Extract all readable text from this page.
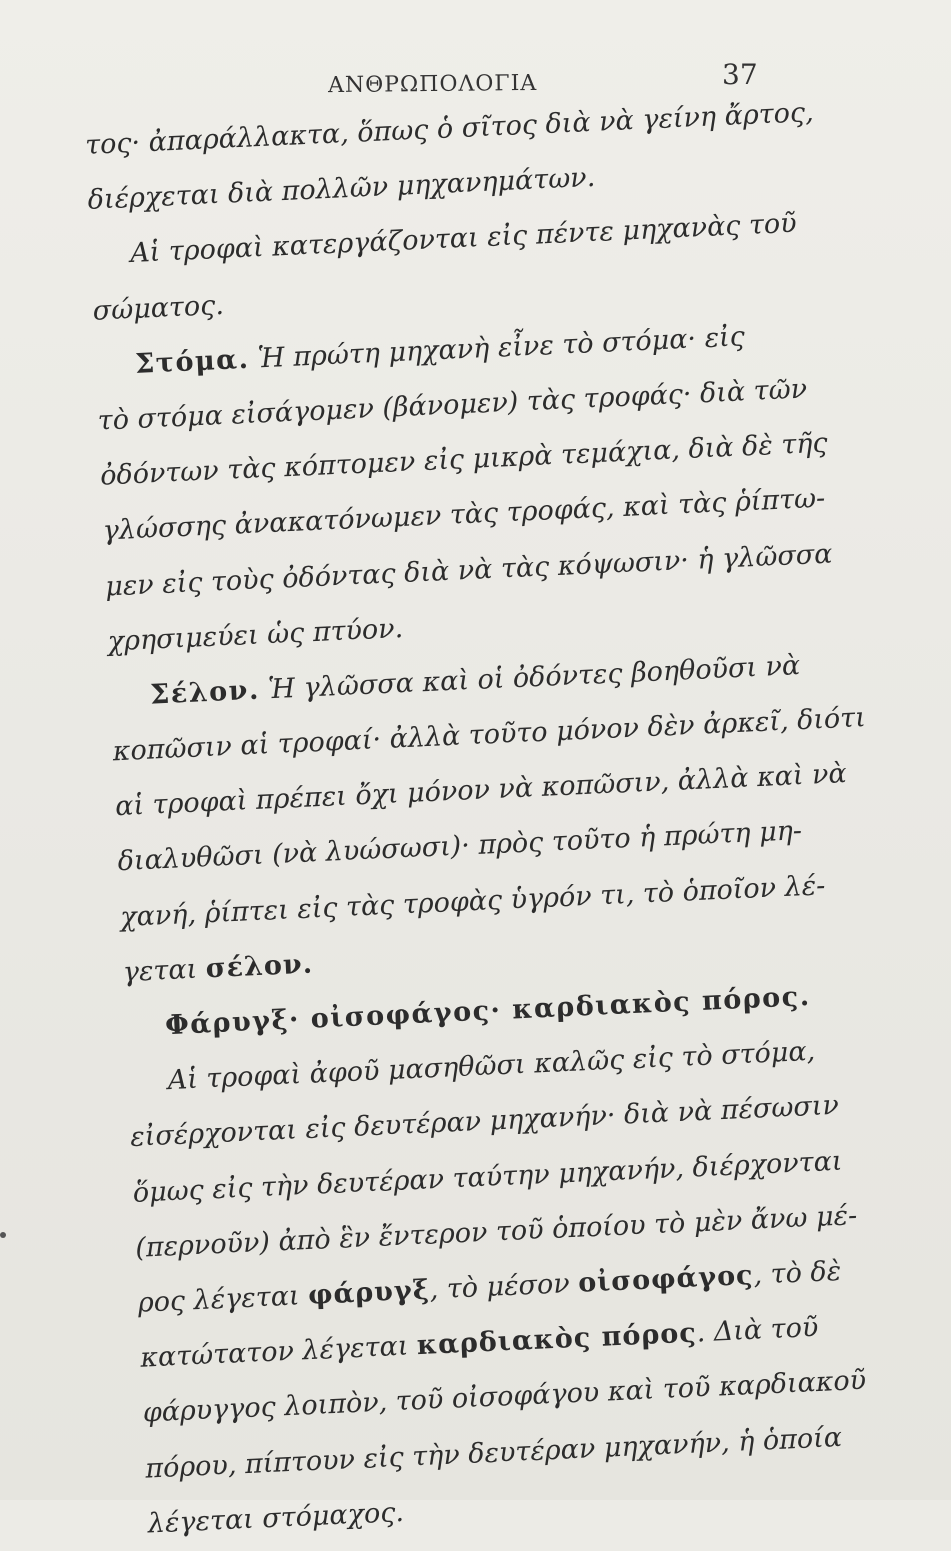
ΑΝΘΡΩΠΟΛΟΓΙΑ	37
τος· ἀπαράλλακτα, ὅπως ὁ σῖτος διὰ νὰ γείνη ἄρτος,
διέρχεται διὰ πολλῶν μηχανημάτων.
Αἱ τροφαὶ κατεργάζονται εἰς πέντε μηχανὰς τοῦ
σώματος.
Στόμα. Ἡ πρώτη μηχανὴ εἶνε τὸ στόμα· εἰς
τὸ στόμα εἰσάγομεν (βάνομεν) τὰς τροφάς· διὰ τῶν
ὀδόντων τὰς κόπτομεν εἰς μικρὰ τεμάχια, διὰ δὲ τῆς
γλώσσης ἀνακατόνωμεν τὰς τροφάς, καὶ τὰς ῥίπτω-
μεν εἰς τοὺς ὀδόντας διὰ νὰ τὰς κόψωσιν· ἡ γλῶσσα
χρησιμεύει ὡς πτύον.
Σέλον. Ἡ γλῶσσα καὶ οἱ ὀδόντες βοηθοῦσι νὰ
κοπῶσιν αἱ τροφαί· ἀλλὰ τοῦτο μόνον δὲν ἀρκεῖ, διότι
αἱ τροφαὶ πρέπει ὄχι μόνον νὰ κοπῶσιν, ἀλλὰ καὶ νὰ
διαλυθῶσι (νὰ λυώσωσι)· πρὸς τοῦτο ἡ πρώτη μη-
χανή, ῥίπτει εἰς τὰς τροφὰς ὑγρόν τι, τὸ ὁποῖον λέ-
γεται σέλον.
Φάρυγξ· οἰσοφάγος· καρδιακὸς πόρος.
Αἱ τροφαὶ ἀφοῦ μασηθῶσι καλῶς εἰς τὸ στόμα,
εἰσέρχονται εἰς δευτέραν μηχανήν· διὰ νὰ πέσωσιν
ὅμως εἰς τὴν δευτέραν ταύτην μηχανήν, διέρχονται
(περνοῦν) ἀπὸ ἓν ἔντερον τοῦ ὁποίου τὸ μὲν ἄνω μέ-
ρος λέγεται φάρυγξ, τὸ μέσον οἰσοφάγος, τὸ δὲ
κατώτατον λέγεται καρδιακὸς πόρος. Διὰ τοῦ
φάρυγγος λοιπὸν, τοῦ οἰσοφάγου καὶ τοῦ καρδιακοῦ
πόρου, πίπτουν εἰς τὴν δευτέραν μηχανήν, ἡ ὁποία
λέγεται στόμαχος.
